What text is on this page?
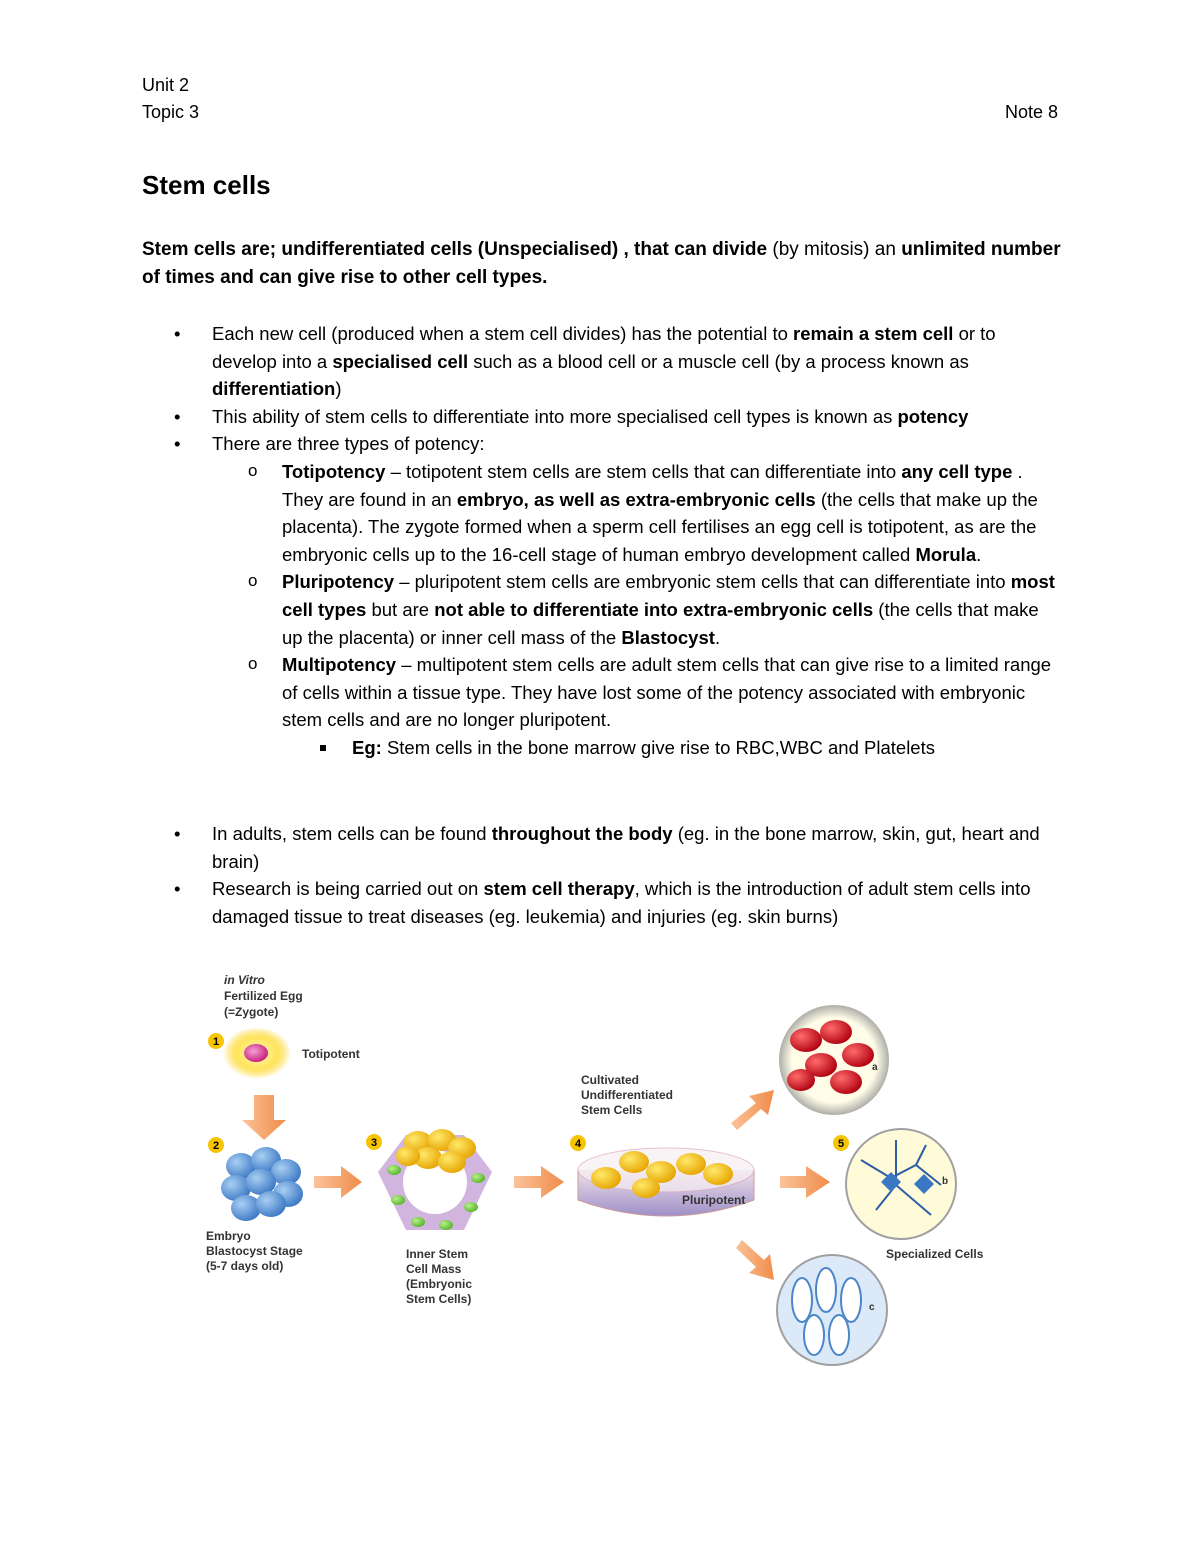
Unit 2
Topic 3	Note 8
Stem cells

Stem cells are; undifferentiated cells (Unspecialised) , that can divide (by mitosis) an unlimited number of times and can give rise to other cell types.

• Each new cell (produced when a stem cell divides) has the potential to remain a stem cell or to develop into a specialised cell such as a blood cell or a muscle cell (by a process known as differentiation)
• This ability of stem cells to differentiate into more specialised cell types is known as potency
• There are three types of potency:
o Totipotency – totipotent stem cells are stem cells that can differentiate into any cell type . They are found in an embryo, as well as extra-embryonic cells (the cells that make up the placenta). The zygote formed when a sperm cell fertilises an egg cell is totipotent, as are the embryonic cells up to the 16-cell stage of human embryo development called Morula.
o Pluripotency – pluripotent stem cells are embryonic stem cells that can differentiate into most cell types but are not able to differentiate into extra-embryonic cells (the cells that make up the placenta) or inner cell mass of the Blastocyst.
o Multipotency – multipotent stem cells are adult stem cells that can give rise to a limited range of cells within a tissue type. They have lost some of the potency associated with embryonic stem cells and are no longer pluripotent.
Eg: Stem cells in the bone marrow give rise to RBC,WBC and Platelets
• In adults, stem cells can be found throughout the body (eg. in the bone marrow, skin, gut, heart and brain)
• Research is being carried out on stem cell therapy, which is the introduction of adult stem cells into damaged tissue to treat diseases (eg. leukemia) and injuries (eg. skin burns)
in Vitro
Fertilized Egg
(=Zygote)
1
Totipotent
2
Embryo
Blastocyst Stage
(5-7 days old)
3
Inner Stem
Cell Mass
(Embryonic
Stem Cells)
Cultivated
Undifferentiated
Stem Cells
4
Pluripotent
a
5
b
Specialized Cells
c
